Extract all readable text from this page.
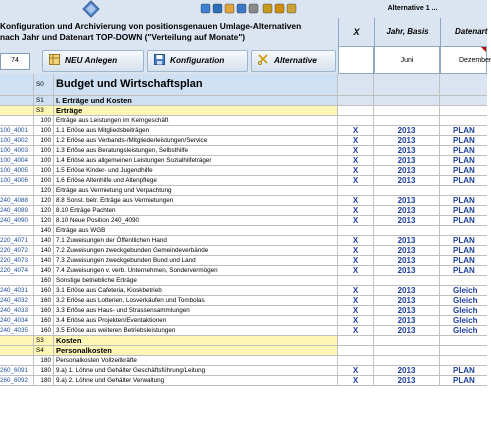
Alternative 1 ...
Konfiguration und Archivierung von positionsgenauen Umlage-Alternativen
nach Jahr und Datenart TOP-DOWN ("Verteilung auf Monate")	X	Jahr, Basis	Datenart
74	NEU Anlegen	Konfiguration	Alternative	Juni	Dezember
S0	Budget und Wirtschaftsplan
S1	I. Erträge und Kosten
S3	Erträge
100 Erträge aus Leistungen im Kerngeschäft
100_4001	100 1.1 Erlöse aus Mitgliedsbeiträgen	X	2013	PLAN
100_4002	100 1.2 Erlöse aus Verbands-/Mitgliederleistungen/Service	X	2013	PLAN
100_4003	100 1.3 Erlöse aus Beratungsleistungen, Selbsthilfe	X	2013	PLAN
100_4004	100 1.4 Erlöse aus allgemeinen Leistungen Sozialhilfeträger	X	2013	PLAN
100_4005	100 1.5 Erlöse Kinder- und Jugendhilfe	X	2013	PLAN
100_4006	100 1.6 Erlöse Altenhilfe und Altenpflege	X	2013	PLAN
120 Erträge aus Vermietung und Verpachtung
240_4088	120 8.8 Sonst. betr. Erträge aus Vermietungen	X	2013	PLAN
240_4089	120 8.10 Erträge Pachten	X	2013	PLAN
240_4090	120 8.10 Neue Position 240_4090	X	2013	PLAN
140 Erträge aus WGB
220_4071	140 7.1 Zuweisungen der Öffentlichen Hand	X	2013	PLAN
220_4072	140 7.2 Zuweisungen zweckgebunden Gemeindeverbände	X	2013	PLAN
220_4073	140 7.3 Zuweisungen zweckgebunden Bund und Land	X	2013	PLAN
220_4074	140 7.4 Zuweisungen v. verb. Unternehmen, Sondervermögen	X	2013	PLAN
160 Sonstige betriebliche Erträge
240_4031	160 3.1 Erlöse aus Cafeteria, Kioskbetrieb	X	2013	Gleich
240_4032	160 3.2 Erlöse aus Lotterien, Losverkäufen und Tombolas	X	2013	Gleich
240_4033	160 3.3 Erlöse aus Haus- und Strassensammlungen	X	2013	Gleich
240_4034	160 3.4 Erlöse aus Projekten/Eventaktionen	X	2013	Gleich
240_4035	160 3.5 Erlöse aus weiteren Betriebsleistungen	X	2013	Gleich
S3	Kosten
S4	Personalkosten
180 Personalkosten Vollzeitkräfte
260_6091	180 9.a) 1. Löhne und Gehälter Geschäftsführung/Leitung	X	2013	PLAN
260_6092	180 9.a) 2. Löhne und Gehälter Verwaltung	X	2013	PLAN
